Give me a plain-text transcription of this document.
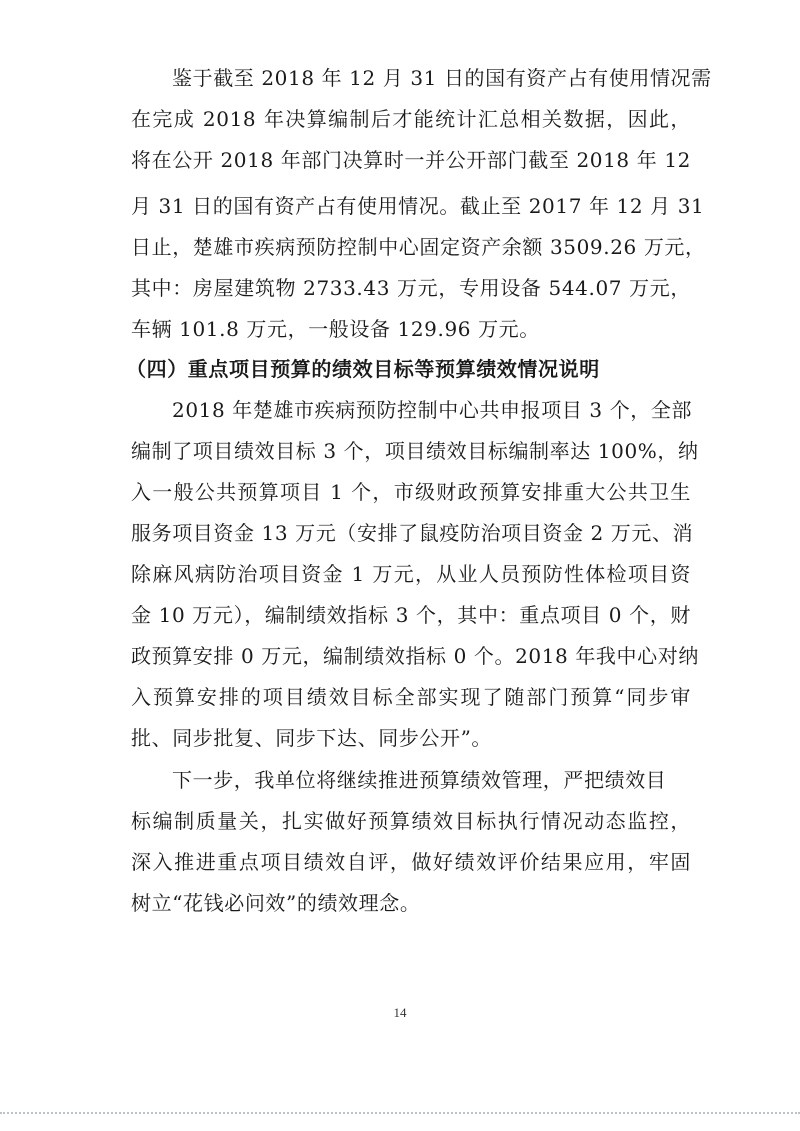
鉴于截至 2018 年 12 月 31 日的国有资产占有使用情况需
在完成 2018 年决算编制后才能统计汇总相关数据，因此，
将在公开 2018 年部门决算时一并公开部门截至 2018 年 12
月 31 日的国有资产占有使用情况。截止至 2017 年 12 月 31
日止，楚雄市疾病预防控制中心固定资产余额 3509.26 万元，
其中：房屋建筑物 2733.43 万元，专用设备 544.07 万元，
车辆 101.8 万元，一般设备 129.96 万元。
（四）重点项目预算的绩效目标等预算绩效情况说明
2018 年楚雄市疾病预防控制中心共申报项目 3 个，全部
编制了项目绩效目标 3 个，项目绩效目标编制率达 100%，纳
入一般公共预算项目 1 个，市级财政预算安排重大公共卫生
服务项目资金 13 万元（安排了鼠疫防治项目资金 2 万元、消
除麻风病防治项目资金 1 万元，从业人员预防性体检项目资
金 10 万元），编制绩效指标 3 个，其中：重点项目 0 个，财
政预算安排 0 万元，编制绩效指标 0 个。2018 年我中心对纳
入预算安排的项目绩效目标全部实现了随部门预算“同步审
批、同步批复、同步下达、同步公开”。
下一步，我单位将继续推进预算绩效管理，严把绩效目
标编制质量关，扎实做好预算绩效目标执行情况动态监控，
深入推进重点项目绩效自评，做好绩效评价结果应用，牢固
树立“花钱必问效”的绩效理念。
14
